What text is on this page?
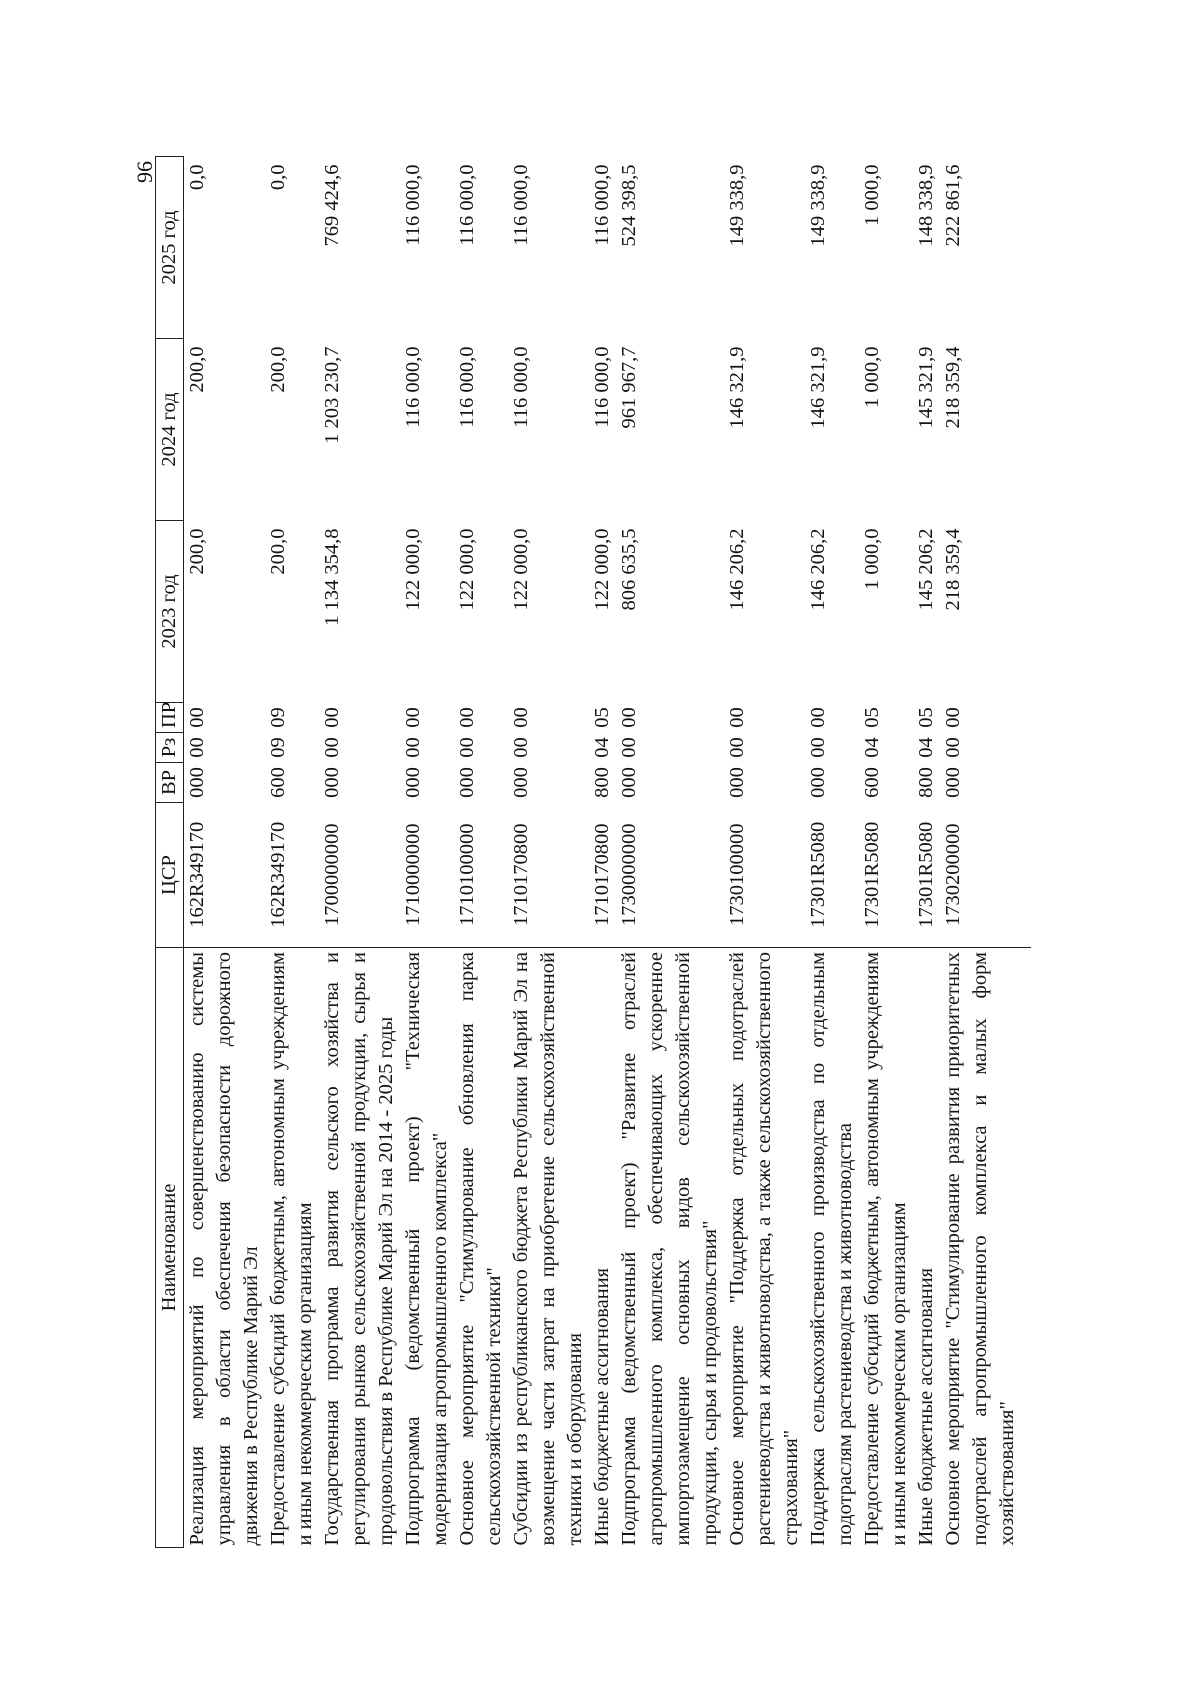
96
Наименование	ЦСР	ВР	Рз	ПР	2023 год	2024 год	2025 год
Реализация мероприятий по совершенствованию системы управления в области обеспечения безопасности дорожного движения в Республике Марий Эл	162R349170	000	00	00	200,0	200,0	0,0
Предоставление субсидий бюджетным, автономным учреждениям и иным некоммерческим организациям	162R349170	600	09	09	200,0	200,0	0,0
Государственная программа развития сельского хозяйства и регулирования рынков сельскохозяйственной продукции, сырья и продовольствия в Республике Марий Эл на 2014 - 2025 годы	1700000000	000	00	00	1 134 354,8	1 203 230,7	769 424,6
Подпрограмма (ведомственный проект) "Техническая модернизация агропромышленного комплекса"	1710000000	000	00	00	122 000,0	116 000,0	116 000,0
Основное мероприятие "Стимулирование обновления парка сельскохозяйственной техники"	1710100000	000	00	00	122 000,0	116 000,0	116 000,0
Субсидии из республиканского бюджета Республики Марий Эл на возмещение части затрат на приобретение сельскохозяйственной техники и оборудования	1710170800	000	00	00	122 000,0	116 000,0	116 000,0
Иные бюджетные ассигнования	1710170800	800	04	05	122 000,0	116 000,0	116 000,0
Подпрограмма (ведомственный проект) "Развитие отраслей агропромышленного комплекса, обеспечивающих ускоренное импортозамещение основных видов сельскохозяйственной продукции, сырья и продовольствия"	1730000000	000	00	00	806 635,5	961 967,7	524 398,5
Основное мероприятие "Поддержка отдельных подотраслей растениеводства и животноводства, а также сельскохозяйственного страхования"	1730100000	000	00	00	146 206,2	146 321,9	149 338,9
Поддержка сельскохозяйственного производства по отдельным подотраслям растениеводства и животноводства	17301R5080	000	00	00	146 206,2	146 321,9	149 338,9
Предоставление субсидий бюджетным, автономным учреждениям и иным некоммерческим организациям	17301R5080	600	04	05	1 000,0	1 000,0	1 000,0
Иные бюджетные ассигнования	17301R5080	800	04	05	145 206,2	145 321,9	148 338,9
Основное мероприятие "Стимулирование развития приоритетных подотраслей агропромышленного комплекса и малых форм хозяйствования"	1730200000	000	00	00	218 359,4	218 359,4	222 861,6
